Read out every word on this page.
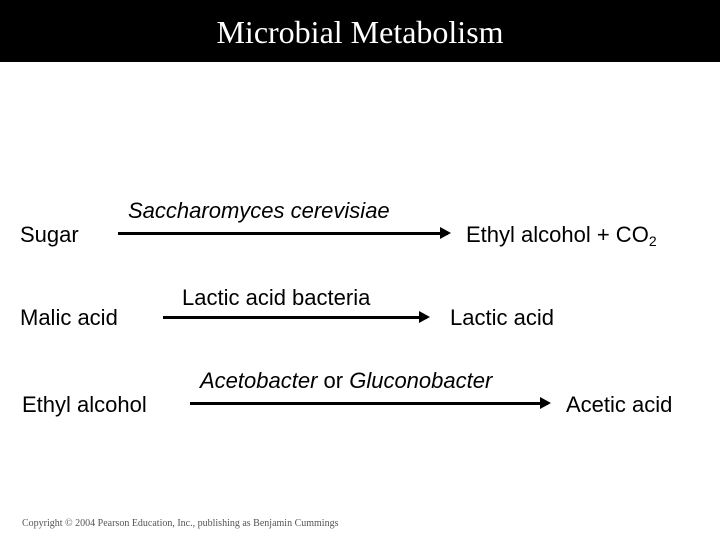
Microbial Metabolism
Sugar
Saccharomyces cerevisiae
Ethyl alcohol + $CO_2$
Malic acid
Lactic acid bacteria
Lactic acid
Ethyl alcohol
Acetobacter or Gluconobacter
Acetic acid
Copyright © 2004 Pearson Education, Inc., publishing as Benjamin Cummings
